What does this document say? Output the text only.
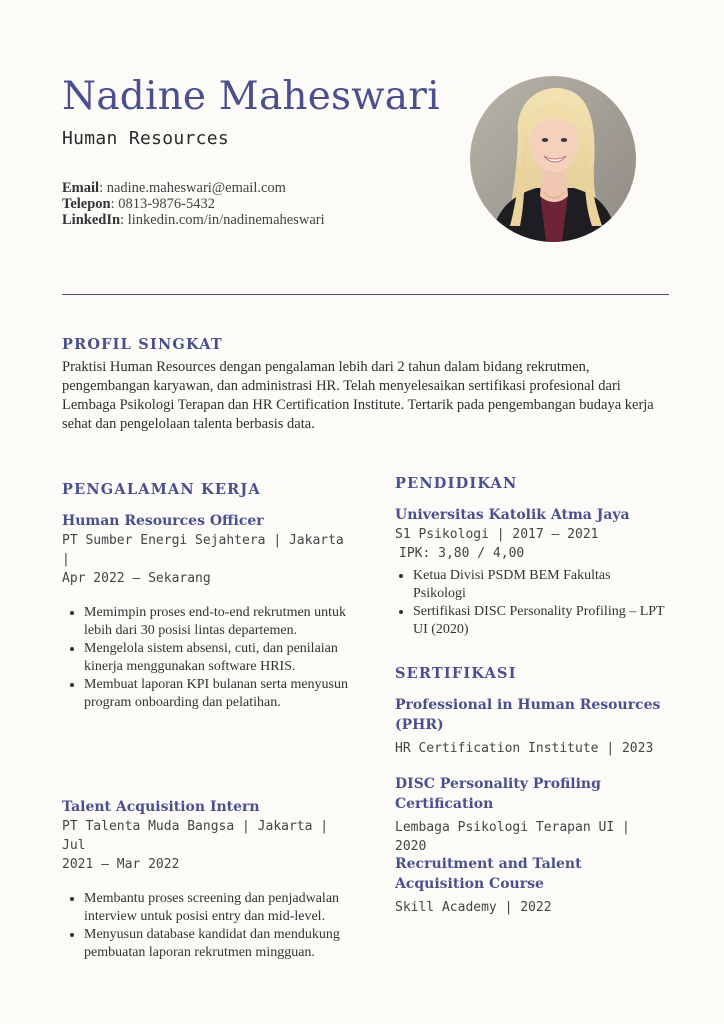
Nadine Maheswari
Human Resources
Email: nadine.maheswari@email.com
Telepon: 0813-9876-5432
LinkedIn: linkedin.com/in/nadinemaheswari
PROFIL SINGKAT
Praktisi Human Resources dengan pengalaman lebih dari 2 tahun dalam bidang rekrutmen, pengembangan karyawan, dan administrasi HR. Telah menyelesaikan sertifikasi profesional dari Lembaga Psikologi Terapan dan HR Certification Institute. Tertarik pada pengembangan budaya kerja sehat dan pengelolaan talenta berbasis data.
PENGALAMAN KERJA
Human Resources Officer
PT Sumber Energi Sejahtera | Jakarta |
Apr 2022 – Sekarang
• Memimpin proses end-to-end rekrutmen untuk lebih dari 30 posisi lintas departemen.
• Mengelola sistem absensi, cuti, dan penilaian kinerja menggunakan software HRIS.
• Membuat laporan KPI bulanan serta menyusun program onboarding dan pelatihan.
Talent Acquisition Intern
PT Talenta Muda Bangsa | Jakarta | Jul
2021 – Mar 2022
• Membantu proses screening dan penjadwalan interview untuk posisi entry dan mid-level.
• Menyusun database kandidat dan mendukung pembuatan laporan rekrutmen mingguan.
PENDIDIKAN
Universitas Katolik Atma Jaya
S1 Psikologi | 2017 – 2021
IPK: 3,80 / 4,00
• Ketua Divisi PSDM BEM Fakultas Psikologi
• Sertifikasi DISC Personality Profiling – LPT UI (2020)
SERTIFIKASI
Professional in Human Resources (PHR)
HR Certification Institute | 2023
DISC Personality Profiling Certification
Lembaga Psikologi Terapan UI | 2020
Recruitment and Talent Acquisition Course
Skill Academy | 2022
